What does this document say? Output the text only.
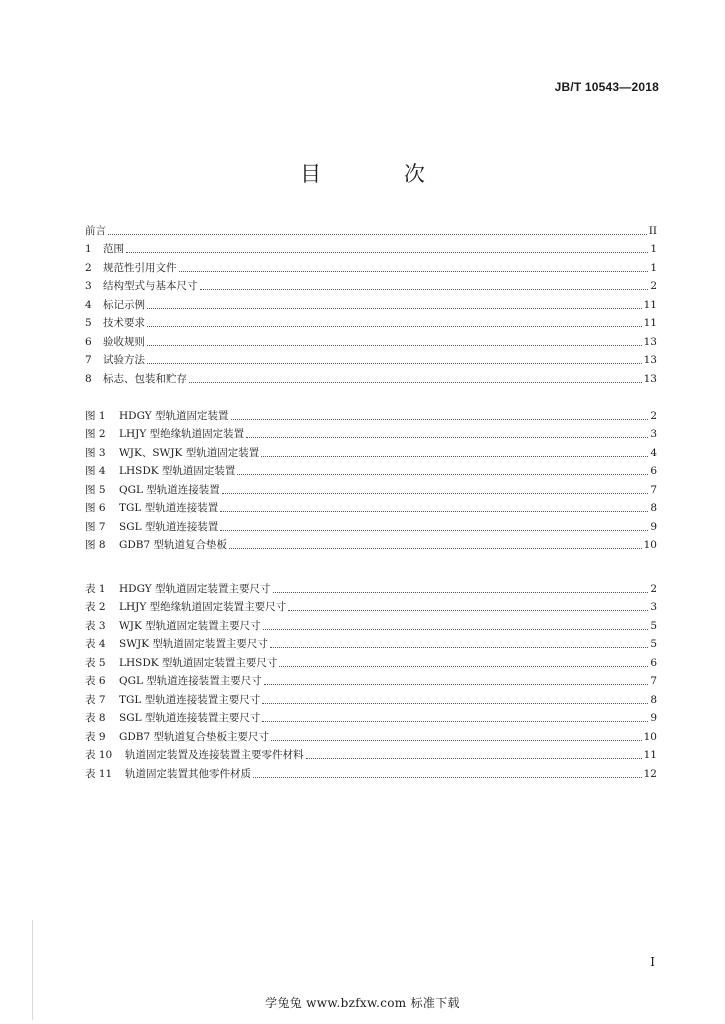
JB/T 10543—2018
目 次
前言	II
1	范围	1
2	规范性引用文件	1
3	结构型式与基本尺寸	2
4	标记示例	11
5	技术要求	11
6	验收规则	13
7	试验方法	13
8	标志、包装和贮存	13
图 1	HDGY 型轨道固定装置	2
图 2	LHJY 型绝缘轨道固定装置	3
图 3	WJK、SWJK 型轨道固定装置	4
图 4	LHSDK 型轨道固定装置	6
图 5	QGL 型轨道连接装置	7
图 6	TGL 型轨道连接装置	8
图 7	SGL 型轨道连接装置	9
图 8	GDB7 型轨道复合垫板	10
表 1	HDGY 型轨道固定装置主要尺寸	2
表 2	LHJY 型绝缘轨道固定装置主要尺寸	3
表 3	WJK 型轨道固定装置主要尺寸	5
表 4	SWJK 型轨道固定装置主要尺寸	5
表 5	LHSDK 型轨道固定装置主要尺寸	6
表 6	QGL 型轨道连接装置主要尺寸	7
表 7	TGL 型轨道连接装置主要尺寸	8
表 8	SGL 型轨道连接装置主要尺寸	9
表 9	GDB7 型轨道复合垫板主要尺寸	10
表 10	轨道固定装置及连接装置主要零件材料	11
表 11	轨道固定装置其他零件材质	12
I
学兔兔 www.bzfxw.com 标准下载
